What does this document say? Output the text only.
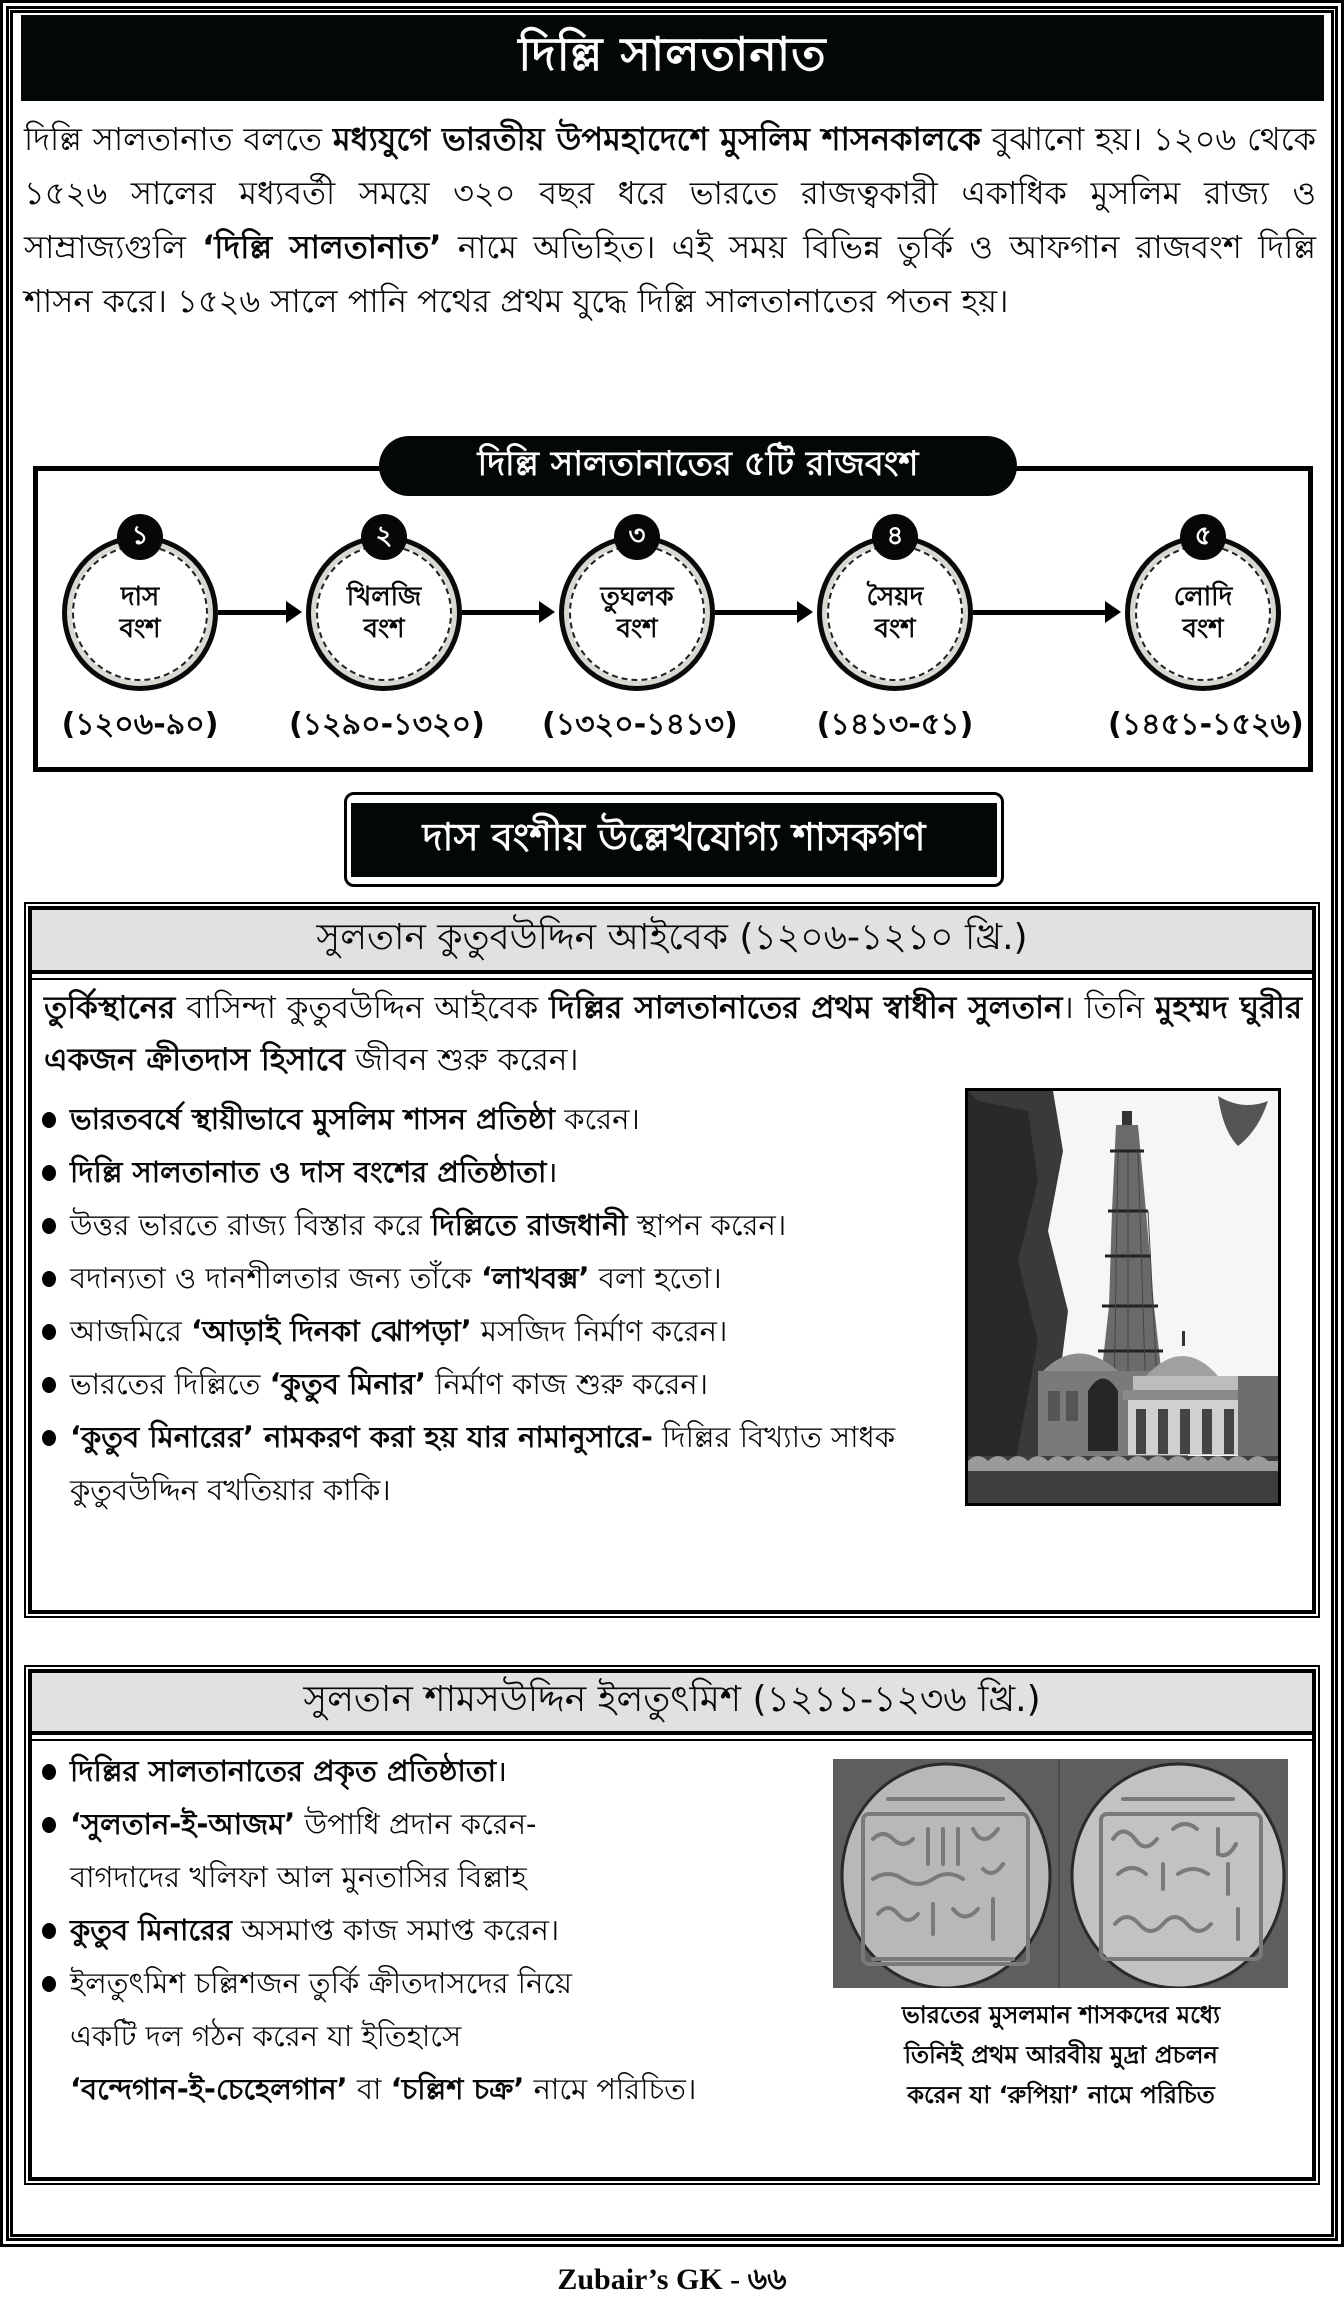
দিল্লি সালতানাত
দিল্লি সালতানাত বলতে মধ্যযুগে ভারতীয় উপমহাদেশে মুসলিম শাসনকালকে বুঝানো হয়। ১২০৬ থেকে ১৫২৬ সালের মধ্যবর্তী সময়ে ৩২০ বছর ধরে ভারতে রাজত্বকারী একাধিক মুসলিম রাজ্য ও সাম্রাজ্যগুলি ‘দিল্লি সালতানাত’ নামে অভিহিত। এই সময় বিভিন্ন তুর্কি ও আফগান রাজবংশ দিল্লি শাসন করে। ১৫২৬ সালে পানি পথের প্রথম যুদ্ধে দিল্লি সালতানাতের পতন হয়।
দিল্লি সালতানাতের ৫টি রাজবংশ
দাস
বংশ
১
(১২০৬-৯০)
খিলজি
বংশ
২
(১২৯০-১৩২০)
তুঘলক
বংশ
৩
(১৩২০-১৪১৩)
সৈয়দ
বংশ
৪
(১৪১৩-৫১)
লোদি
বংশ
৫
(১৪৫১-১৫২৬)
দাস বংশীয় উল্লেখযোগ্য শাসকগণ
সুলতান কুতুবউদ্দিন আইবেক (১২০৬-১২১০ খ্রি.)
তুর্কিস্থানের বাসিন্দা কুতুবউদ্দিন আইবেক দিল্লির সালতানাতের প্রথম স্বাধীন সুলতান। তিনি মুহম্মদ ঘুরীর একজন ক্রীতদাস হিসাবে জীবন শুরু করেন।
ভারতবর্ষে স্থায়ীভাবে মুসলিম শাসন প্রতিষ্ঠা করেন।
দিল্লি সালতানাত ও দাস বংশের প্রতিষ্ঠাতা।
উত্তর ভারতে রাজ্য বিস্তার করে দিল্লিতে রাজধানী স্থাপন করেন।
বদান্যতা ও দানশীলতার জন্য তাঁকে ‘লাখবক্স’ বলা হতো।
আজমিরে ‘আড়াই দিনকা ঝোপড়া’ মসজিদ নির্মাণ করেন।
ভারতের দিল্লিতে ‘কুতুব মিনার’ নির্মাণ কাজ শুরু করেন।
‘কুতুব মিনারের’ নামকরণ করা হয় যার নামানুসারে- দিল্লির বিখ্যাত সাধক
কুতুবউদ্দিন বখতিয়ার কাকি।
সুলতান শামসউদ্দিন ইলতুৎমিশ (১২১১-১২৩৬ খ্রি.)
দিল্লির সালতানাতের প্রকৃত প্রতিষ্ঠাতা।
‘সুলতান-ই-আজম’ উপাধি প্রদান করেন-
বাগদাদের খলিফা আল মুনতাসির বিল্লাহ
কুতুব মিনারের অসমাপ্ত কাজ সমাপ্ত করেন।
ইলতুৎমিশ চল্লিশজন তুর্কি ক্রীতদাসদের নিয়ে
একটি দল গঠন করেন যা ইতিহাসে
‘বন্দেগান-ই-চেহেলগান’ বা ‘চল্লিশ চক্র’ নামে পরিচিত।
ভারতের মুসলমান শাসকদের মধ্যে
তিনিই প্রথম আরবীয় মুদ্রা প্রচলন
করেন যা ‘রুপিয়া’ নামে পরিচিত
Zubair’s GK - ৬৬
